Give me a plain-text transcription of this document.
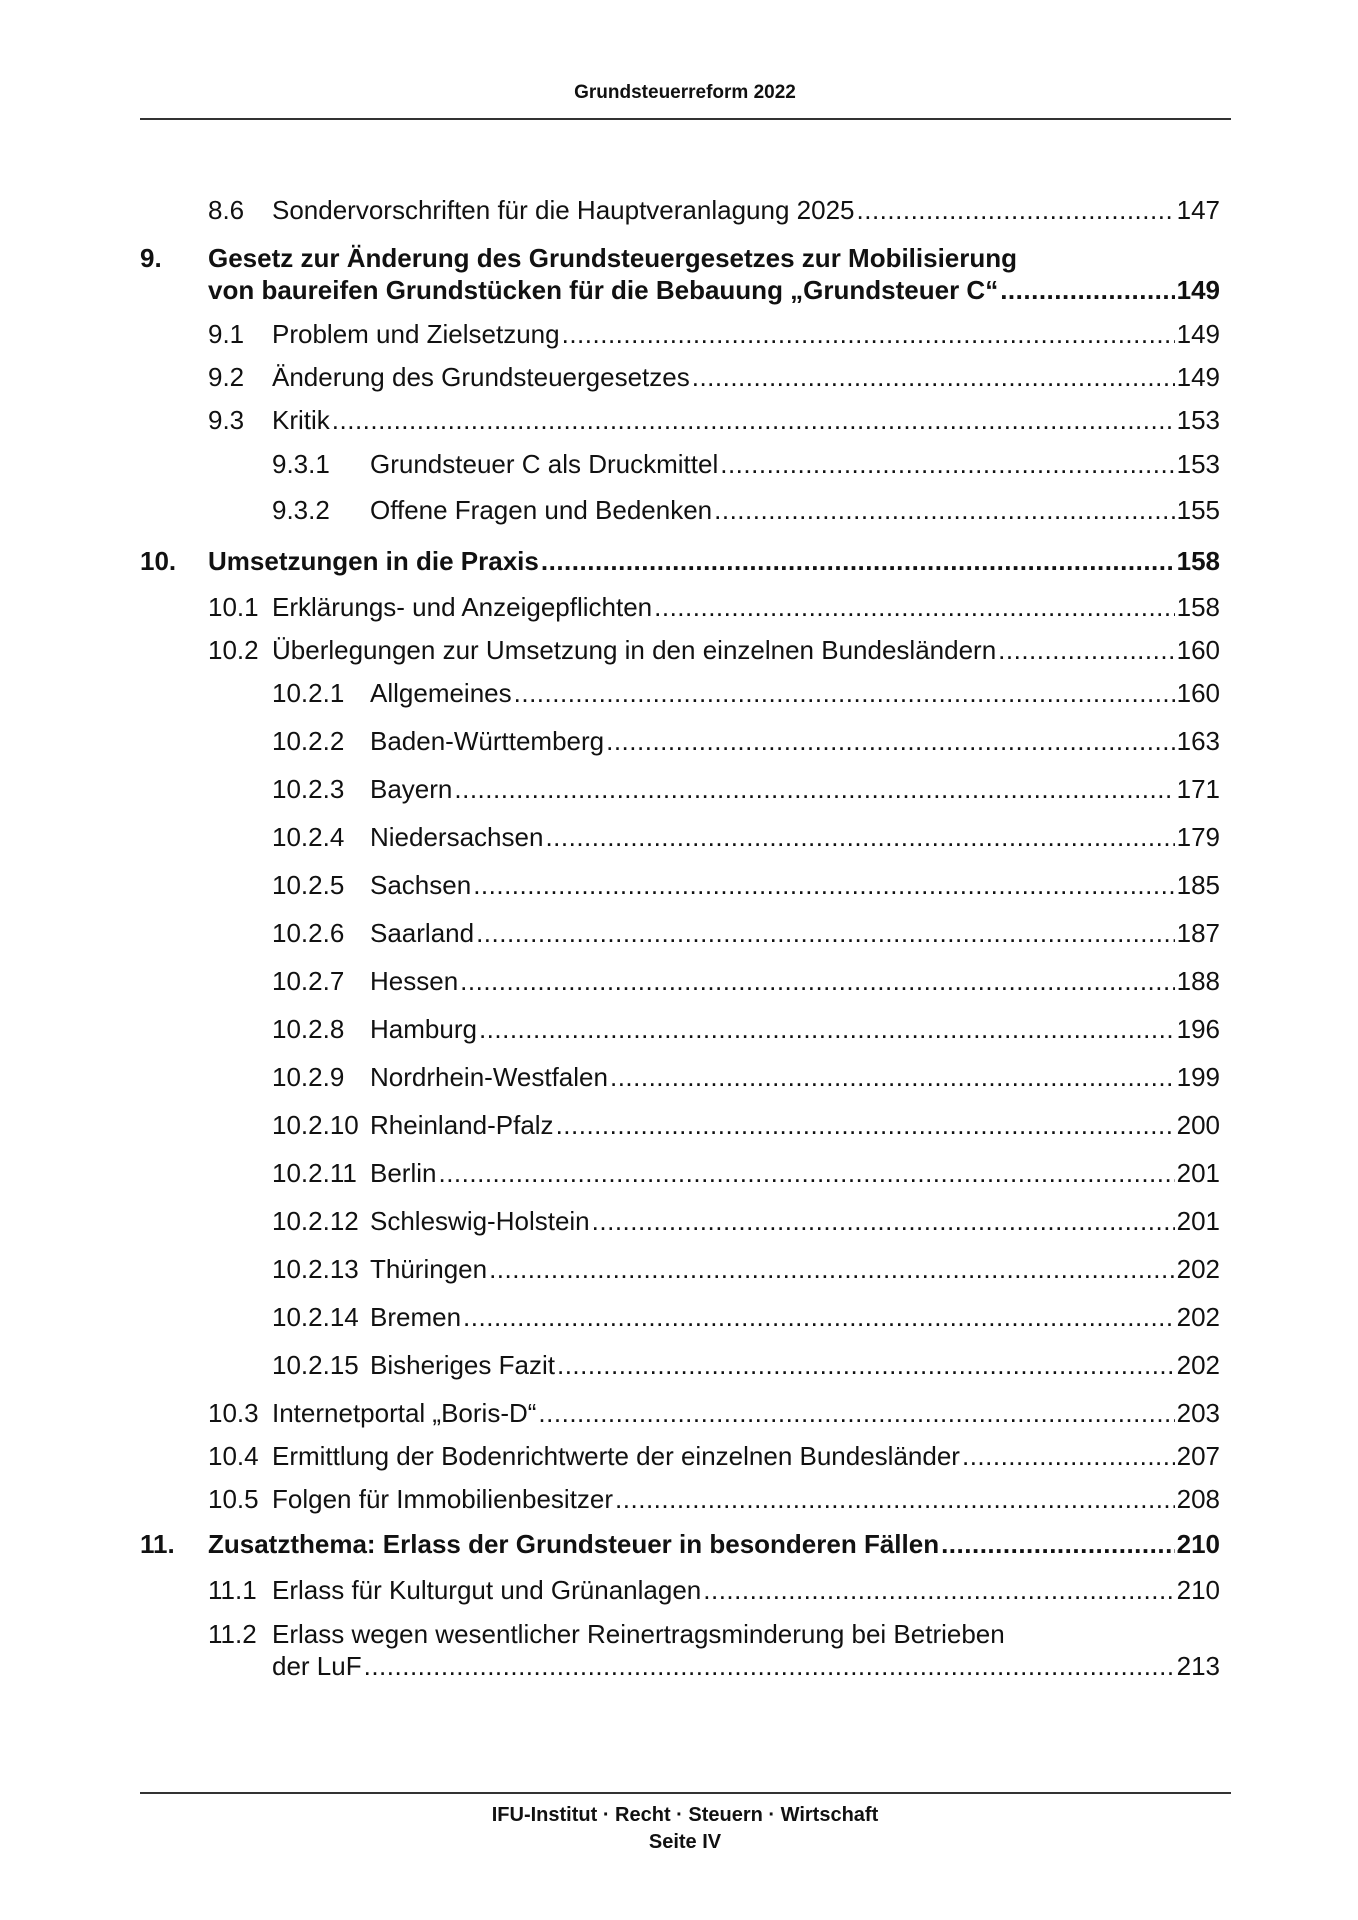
Grundsteuerreform 2022
8.6	Sondervorschriften für die Hauptveranlagung 2025 .....	147
9. Gesetz zur Änderung des Grundsteuergesetzes zur Mobilisierung
von baureifen Grundstücken für die Bebauung „Grundsteuer C“ .....	149
9.1	Problem und Zielsetzung .....	149
9.2	Änderung des Grundsteuergesetzes .....	149
9.3	Kritik .....	153
9.3.1	Grundsteuer C als Druckmittel .....	153
9.3.2	Offene Fragen und Bedenken .....	155
10.	Umsetzungen in die Praxis .....	158
10.1 Erklärungs- und Anzeigepflichten .....	158
10.2 Überlegungen zur Umsetzung in den einzelnen Bundesländern .....	160
10.2.1 Allgemeines .....	160
10.2.2 Baden-Württemberg .....	163
10.2.3 Bayern .....	171
10.2.4 Niedersachsen .....	179
10.2.5 Sachsen .....	185
10.2.6 Saarland .....	187
10.2.7 Hessen .....	188
10.2.8 Hamburg .....	196
10.2.9 Nordrhein-Westfalen .....	199
10.2.10 Rheinland-Pfalz .....	200
10.2.11 Berlin .....	201
10.2.12 Schleswig-Holstein .....	201
10.2.13 Thüringen .....	202
10.2.14 Bremen .....	202
10.2.15 Bisheriges Fazit .....	202
10.3 Internetportal „Boris-D“ .....	203
10.4 Ermittlung der Bodenrichtwerte der einzelnen Bundesländer .....	207
10.5 Folgen für Immobilienbesitzer .....	208
11.	Zusatzthema: Erlass der Grundsteuer in besonderen Fällen .....	210
11.1 Erlass für Kulturgut und Grünanlagen .....	210
11.2 Erlass wegen wesentlicher Reinertragsminderung bei Betrieben
der LuF .....	213
IFU-Institut · Recht · Steuern · Wirtschaft
Seite IV
